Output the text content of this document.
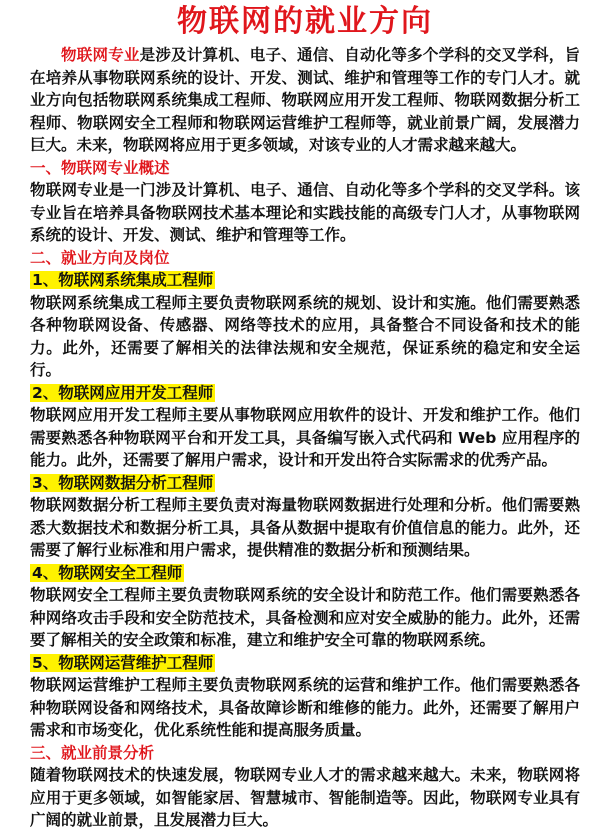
物联网的就业方向

物联网专业是涉及计算机、电子、通信、自动化等多个学科的交叉学科，旨在培养从事物联网系统的设计、开发、测试、维护和管理等工作的专门人才。就业方向包括物联网系统集成工程师、物联网应用开发工程师、物联网数据分析工程师、物联网安全工程师和物联网运营维护工程师等，就业前景广阔，发展潜力巨大。未来，物联网将应用于更多领域，对该专业的人才需求越来越大。

一、物联网专业概述

物联网专业是一门涉及计算机、电子、通信、自动化等多个学科的交叉学科。该专业旨在培养具备物联网技术基本理论和实践技能的高级专门人才，从事物联网系统的设计、开发、测试、维护和管理等工作。

二、就业方向及岗位

1、物联网系统集成工程师

物联网系统集成工程师主要负责物联网系统的规划、设计和实施。他们需要熟悉各种物联网设备、传感器、网络等技术的应用，具备整合不同设备和技术的能力。此外，还需要了解相关的法律法规和安全规范，保证系统的稳定和安全运行。

2、物联网应用开发工程师

物联网应用开发工程师主要从事物联网应用软件的设计、开发和维护工作。他们需要熟悉各种物联网平台和开发工具，具备编写嵌入式代码和 Web 应用程序的能力。此外，还需要了解用户需求，设计和开发出符合实际需求的优秀产品。

3、物联网数据分析工程师

物联网数据分析工程师主要负责对海量物联网数据进行处理和分析。他们需要熟悉大数据技术和数据分析工具，具备从数据中提取有价值信息的能力。此外，还需要了解行业标准和用户需求，提供精准的数据分析和预测结果。

4、物联网安全工程师

物联网安全工程师主要负责物联网系统的安全设计和防范工作。他们需要熟悉各种网络攻击手段和安全防范技术，具备检测和应对安全威胁的能力。此外，还需要了解相关的安全政策和标准，建立和维护安全可靠的物联网系统。

5、物联网运营维护工程师

物联网运营维护工程师主要负责物联网系统的运营和维护工作。他们需要熟悉各种物联网设备和网络技术，具备故障诊断和维修的能力。此外，还需要了解用户需求和市场变化，优化系统性能和提高服务质量。

三、就业前景分析

随着物联网技术的快速发展，物联网专业人才的需求越来越大。未来，物联网将应用于更多领域，如智能家居、智慧城市、智能制造等。因此，物联网专业具有广阔的就业前景，且发展潜力巨大。
